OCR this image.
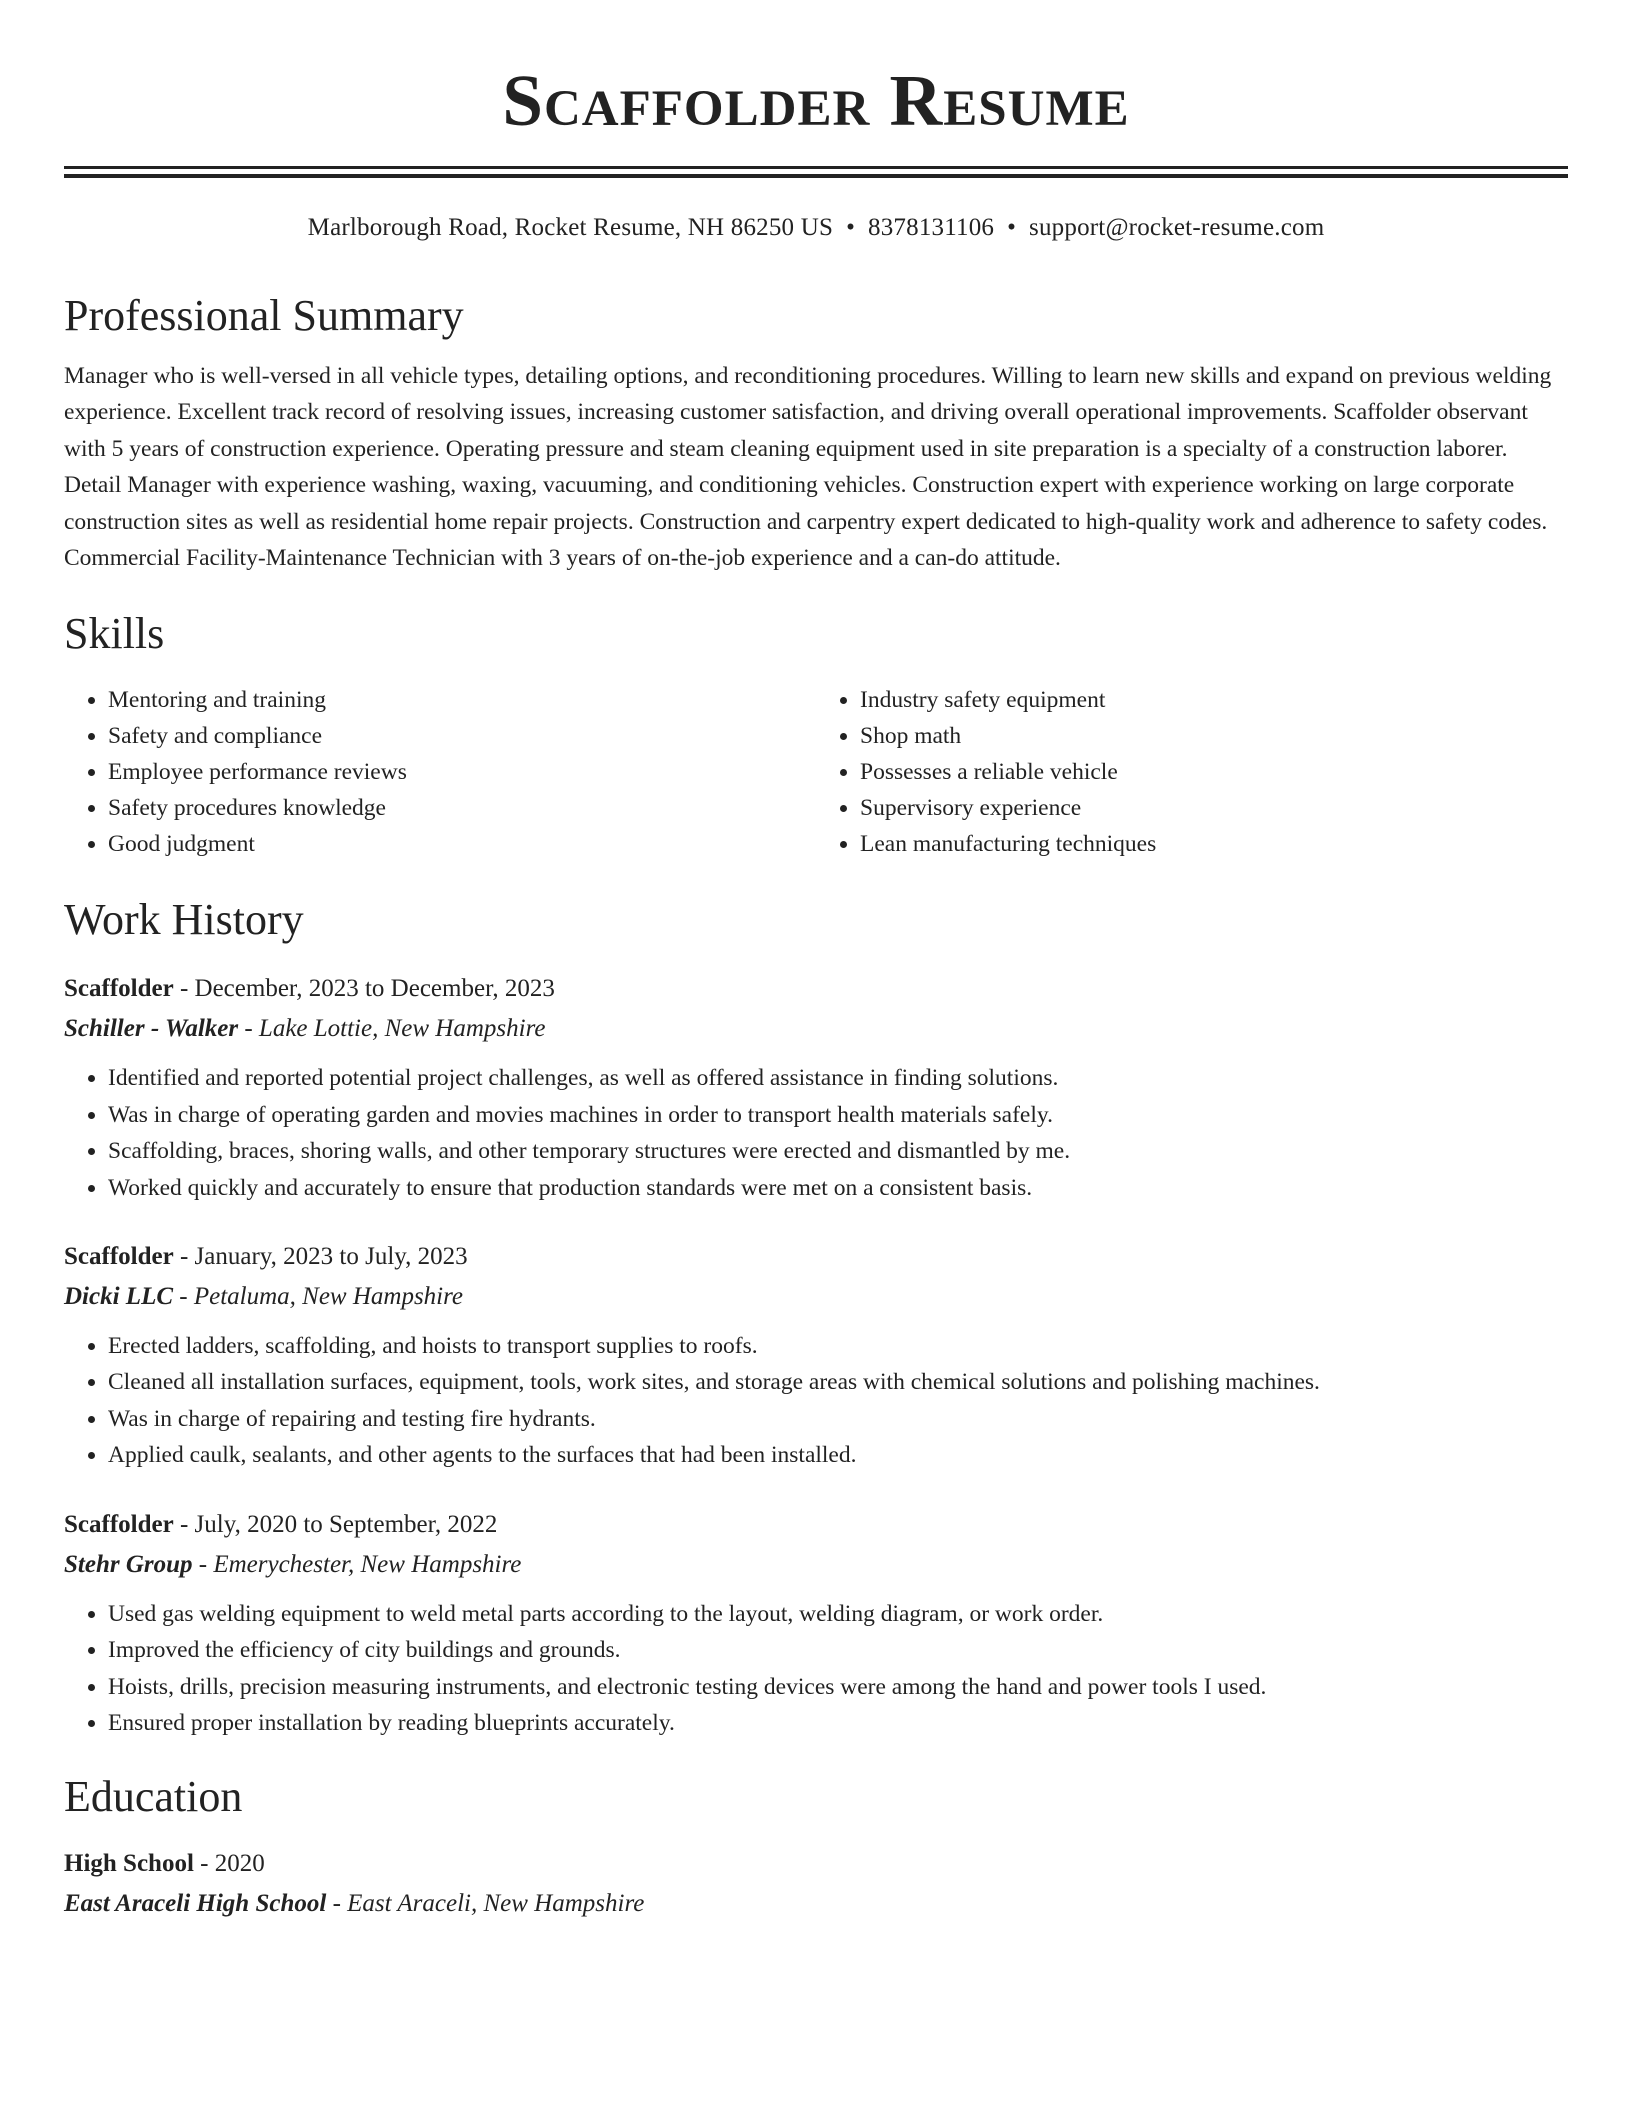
Scaffolder Resume
Marlborough Road, Rocket Resume, NH 86250 US • 8378131106 • support@rocket-resume.com
Professional Summary

Manager who is well-versed in all vehicle types, detailing options, and reconditioning procedures. Willing to learn new skills and expand on previous welding experience. Excellent track record of resolving issues, increasing customer satisfaction, and driving overall operational improvements. Scaffolder observant with 5 years of construction experience. Operating pressure and steam cleaning equipment used in site preparation is a specialty of a construction laborer. Detail Manager with experience washing, waxing, vacuuming, and conditioning vehicles. Construction expert with experience working on large corporate construction sites as well as residential home repair projects. Construction and carpentry expert dedicated to high-quality work and adherence to safety codes. Commercial Facility-Maintenance Technician with 3 years of on-the-job experience and a can-do attitude.

Skills
• Mentoring and training
• Safety and compliance
• Employee performance reviews
• Safety procedures knowledge
• Good judgment
• Industry safety equipment
• Shop math
• Possesses a reliable vehicle
• Supervisory experience
• Lean manufacturing techniques
Work History
Scaffolder - December, 2023 to December, 2023
Schiller - Walker - Lake Lottie, New Hampshire
• Identified and reported potential project challenges, as well as offered assistance in finding solutions.
• Was in charge of operating garden and movies machines in order to transport health materials safely.
• Scaffolding, braces, shoring walls, and other temporary structures were erected and dismantled by me.
• Worked quickly and accurately to ensure that production standards were met on a consistent basis.
Scaffolder - January, 2023 to July, 2023
Dicki LLC - Petaluma, New Hampshire
• Erected ladders, scaffolding, and hoists to transport supplies to roofs.
• Cleaned all installation surfaces, equipment, tools, work sites, and storage areas with chemical solutions and polishing machines.
• Was in charge of repairing and testing fire hydrants.
• Applied caulk, sealants, and other agents to the surfaces that had been installed.
Scaffolder - July, 2020 to September, 2022
Stehr Group - Emerychester, New Hampshire
• Used gas welding equipment to weld metal parts according to the layout, welding diagram, or work order.
• Improved the efficiency of city buildings and grounds.
• Hoists, drills, precision measuring instruments, and electronic testing devices were among the hand and power tools I used.
• Ensured proper installation by reading blueprints accurately.
Education
High School - 2020
East Araceli High School - East Araceli, New Hampshire
